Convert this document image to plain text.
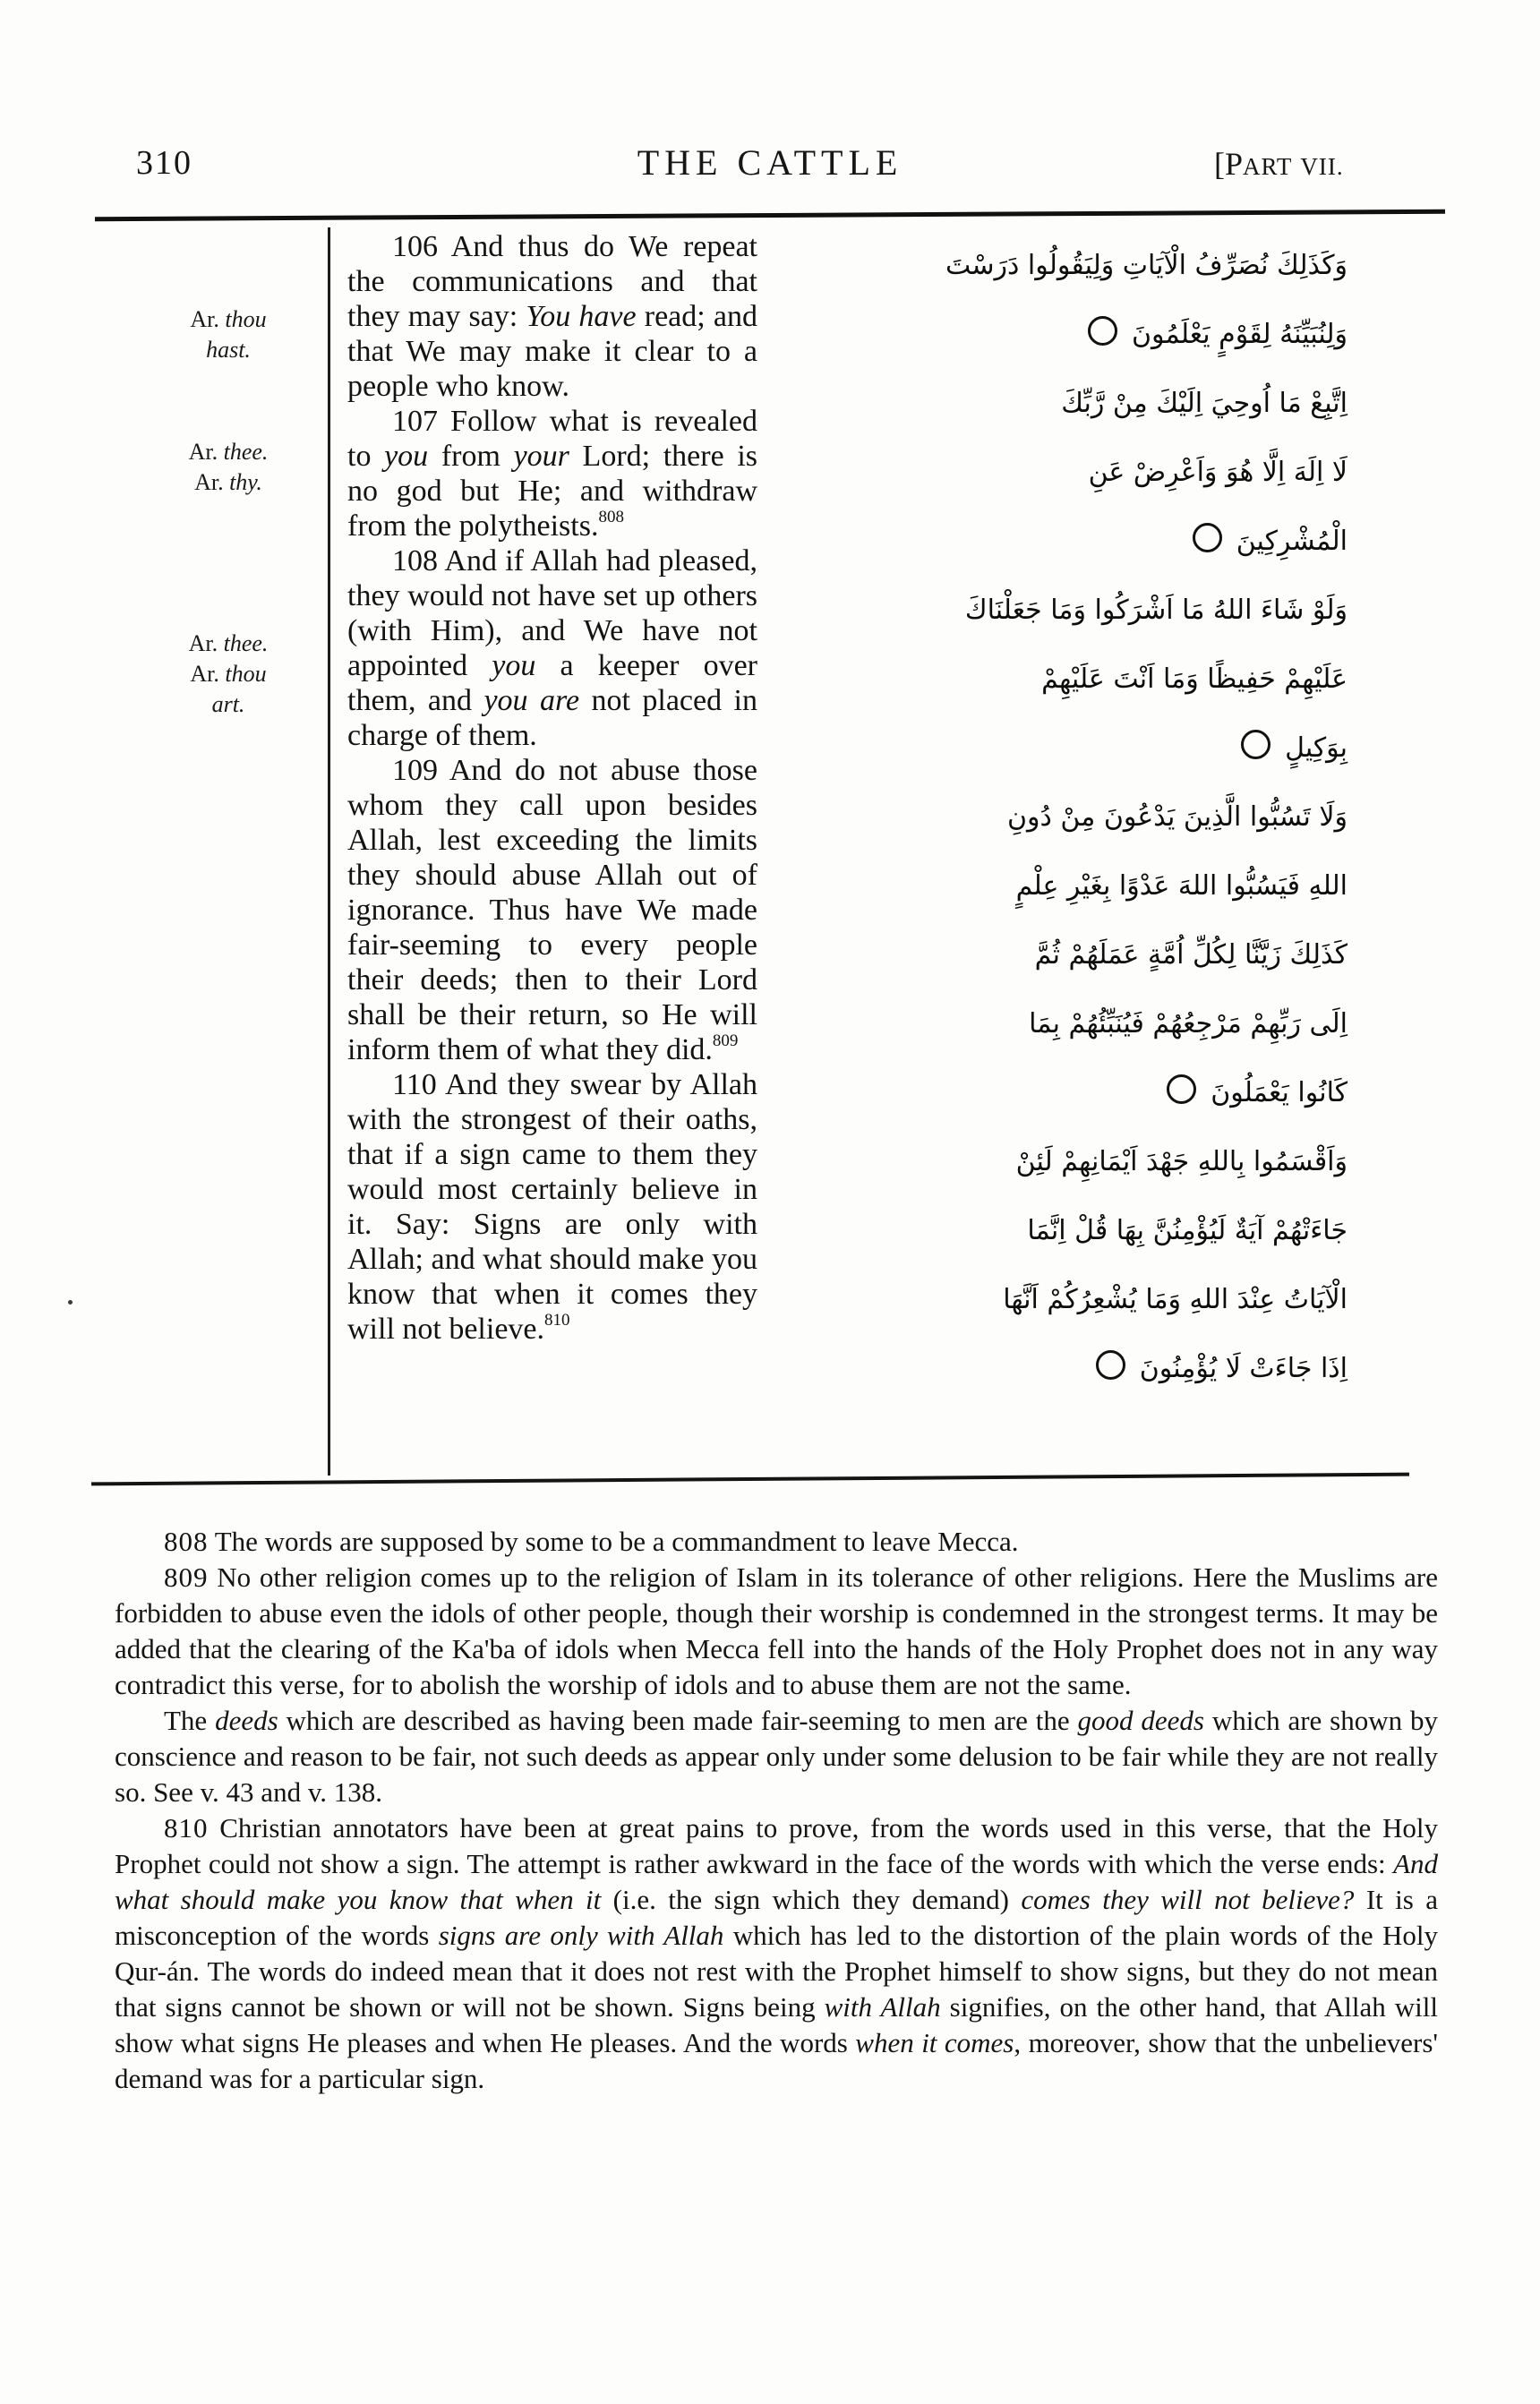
310	THE CATTLE	[PART VII.
Ar. thou
hast.
Ar. thee.
Ar. thy.
Ar. thee.
Ar. thou
art.

106 And thus do We repeat the communications and that they may say: You have read; and that We may make it clear to a people who know.

107 Follow what is revealed to you from your Lord; there is no god but He; and withdraw from the polytheists.$^{808}$

108 And if Allah had pleased, they would not have set up others (with Him), and We have not appointed you a keeper over them, and you are not placed in charge of them.

109 And do not abuse those whom they call upon besides Allah, lest exceeding the limits they should abuse Allah out of ignorance. Thus have We made fair-seeming to every people their deeds; then to their Lord shall be their return, so He will inform them of what they did.$^{809}$

110 And they swear by Allah with the strongest of their oaths, that if a sign came to them they would most certainly believe in it. Say: Signs are only with Allah; and what should make you know that when it comes they will not believe.$^{810}$

وَكَذَلِكَ نُصَرِّفُ الْآيَاتِ وَلِيَقُولُوا دَرَسْتَ
وَلِنُبَيِّنَهُ لِقَوْمٍ يَعْلَمُونَ
اِتَّبِعْ مَا اُوحِيَ اِلَيْكَ مِنْ رَّبِّكَ
لَا اِلَهَ اِلَّا هُوَ وَاَعْرِضْ عَنِ
الْمُشْرِكِينَ
وَلَوْ شَاءَ اللهُ مَا اَشْرَكُوا وَمَا جَعَلْنَاكَ
عَلَيْهِمْ حَفِيظًا وَمَا اَنْتَ عَلَيْهِمْ
بِوَكِيلٍ
وَلَا تَسُبُّوا الَّذِينَ يَدْعُونَ مِنْ دُونِ
اللهِ فَيَسُبُّوا اللهَ عَدْوًا بِغَيْرِ عِلْمٍ
كَذَلِكَ زَيَّنَّا لِكُلِّ اُمَّةٍ عَمَلَهُمْ ثُمَّ
اِلَى رَبِّهِمْ مَرْجِعُهُمْ فَيُنَبِّئُهُمْ بِمَا
كَانُوا يَعْمَلُونَ
وَاَقْسَمُوا بِاللهِ جَهْدَ اَيْمَانِهِمْ لَئِنْ
جَاءَتْهُمْ آيَةٌ لَيُؤْمِنُنَّ بِهَا قُلْ اِنَّمَا
الْآيَاتُ عِنْدَ اللهِ وَمَا يُشْعِرُكُمْ اَنَّهَا
اِذَا جَاءَتْ لَا يُؤْمِنُونَ

808 The words are supposed by some to be a commandment to leave Mecca.

809 No other religion comes up to the religion of Islam in its tolerance of other religions. Here the Muslims are forbidden to abuse even the idols of other people, though their worship is condemned in the strongest terms. It may be added that the clearing of the Ka'ba of idols when Mecca fell into the hands of the Holy Prophet does not in any way contradict this verse, for to abolish the worship of idols and to abuse them are not the same.

The deeds which are described as having been made fair-seeming to men are the good deeds which are shown by conscience and reason to be fair, not such deeds as appear only under some delusion to be fair while they are not really so. See v. 43 and v. 138.

810 Christian annotators have been at great pains to prove, from the words used in this verse, that the Holy Prophet could not show a sign. The attempt is rather awkward in the face of the words with which the verse ends: And what should make you know that when it (i.e. the sign which they demand) comes they will not believe? It is a misconception of the words signs are only with Allah which has led to the distortion of the plain words of the Holy Qur-án. The words do indeed mean that it does not rest with the Prophet himself to show signs, but they do not mean that signs cannot be shown or will not be shown. Signs being with Allah signifies, on the other hand, that Allah will show what signs He pleases and when He pleases. And the words when it comes, moreover, show that the unbelievers' demand was for a particular sign.
